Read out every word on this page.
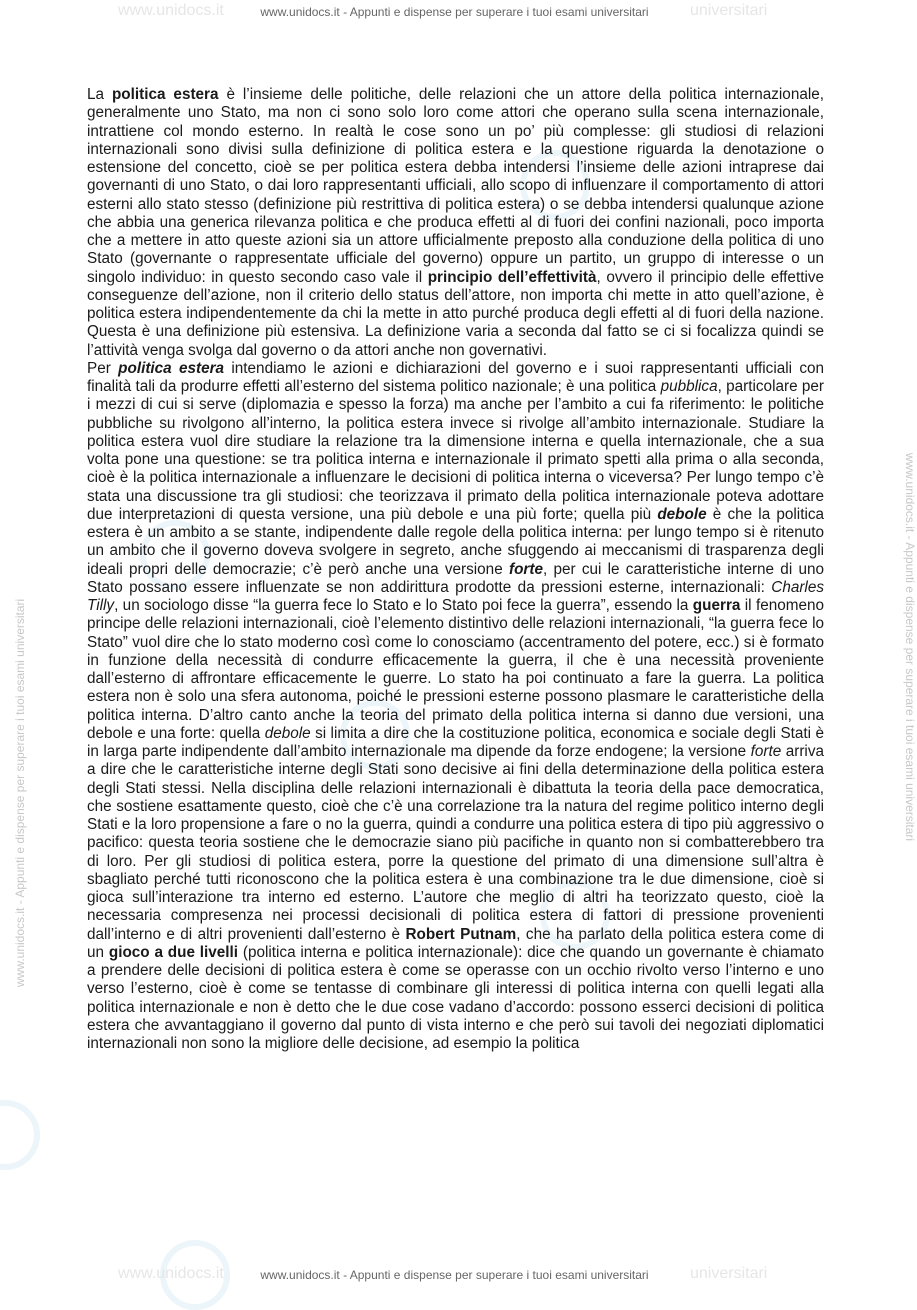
www.unidocs.it	universitari
www.unidocs.it - Appunti e dispense per superare i tuoi esami universitari
www.unidocs.it - Appunti e dispense per superare i tuoi esami universitari	www.unidocs.it - Appunti e dispense per superare i tuoi esami universitari

La politica estera è l’insieme delle politiche, delle relazioni che un attore della politica internazionale, generalmente uno Stato, ma non ci sono solo loro come attori che operano sulla scena internazionale, intrattiene col mondo esterno. In realtà le cose sono un po’ più complesse: gli studiosi di relazioni internazionali sono divisi sulla definizione di politica estera e la questione riguarda la denotazione o estensione del concetto, cioè se per politica estera debba intendersi l’insieme delle azioni intraprese dai governanti di uno Stato, o dai loro rappresentanti ufficiali, allo scopo di influenzare il comportamento di attori esterni allo stato stesso (definizione più restrittiva di politica estera) o se debba intendersi qualunque azione che abbia una generica rilevanza politica e che produca effetti al di fuori dei confini nazionali, poco importa che a mettere in atto queste azioni sia un attore ufficialmente preposto alla conduzione della politica di uno Stato (governante o rappresentate ufficiale del governo) oppure un partito, un gruppo di interesse o un singolo individuo: in questo secondo caso vale il principio dell’effettività, ovvero il principio delle effettive conseguenze dell’azione, non il criterio dello status dell’attore, non importa chi mette in atto quell’azione, è politica estera indipendentemente da chi la mette in atto purché produca degli effetti al di fuori della nazione. Questa è una definizione più estensiva. La definizione varia a seconda dal fatto se ci si focalizza quindi se l’attività venga svolga dal governo o da attori anche non governativi.

Per politica estera intendiamo le azioni e dichiarazioni del governo e i suoi rappresentanti ufficiali con finalità tali da produrre effetti all’esterno del sistema politico nazionale; è una politica pubblica, particolare per i mezzi di cui si serve (diplomazia e spesso la forza) ma anche per l’ambito a cui fa riferimento: le politiche pubbliche su rivolgono all’interno, la politica estera invece si rivolge all’ambito internazionale. Studiare la politica estera vuol dire studiare la relazione tra la dimensione interna e quella internazionale, che a sua volta pone una questione: se tra politica interna e internazionale il primato spetti alla prima o alla seconda, cioè è la politica internazionale a influenzare le decisioni di politica interna o viceversa? Per lungo tempo c’è stata una discussione tra gli studiosi: che teorizzava il primato della politica internazionale poteva adottare due interpretazioni di questa versione, una più debole e una più forte; quella più debole è che la politica estera è un ambito a se stante, indipendente dalle regole della politica interna: per lungo tempo si è ritenuto un ambito che il governo doveva svolgere in segreto, anche sfuggendo ai meccanismi di trasparenza degli ideali propri delle democrazie; c’è però anche una versione forte, per cui le caratteristiche interne di uno Stato possano essere influenzate se non addirittura prodotte da pressioni esterne, internazionali: Charles Tilly, un sociologo disse “la guerra fece lo Stato e lo Stato poi fece la guerra”, essendo la guerra il fenomeno principe delle relazioni internazionali, cioè l’elemento distintivo delle relazioni internazionali, “la guerra fece lo Stato” vuol dire che lo stato moderno così come lo conosciamo (accentramento del potere, ecc.) si è formato in funzione della necessità di condurre efficacemente la guerra, il che è una necessità proveniente dall’esterno di affrontare efficacemente le guerre. Lo stato ha poi continuato a fare la guerra. La politica estera non è solo una sfera autonoma, poiché le pressioni esterne possono plasmare le caratteristiche della politica interna. D’altro canto anche la teoria del primato della politica interna si danno due versioni, una debole e una forte: quella debole si limita a dire che la costituzione politica, economica e sociale degli Stati è in larga parte indipendente dall’ambito internazionale ma dipende da forze endogene; la versione forte arriva a dire che le caratteristiche interne degli Stati sono decisive ai fini della determinazione della politica estera degli Stati stessi. Nella disciplina delle relazioni internazionali è dibattuta la teoria della pace democratica, che sostiene esattamente questo, cioè che c’è una correlazione tra la natura del regime politico interno degli Stati e la loro propensione a fare o no la guerra, quindi a condurre una politica estera di tipo più aggressivo o pacifico: questa teoria sostiene che le democrazie siano più pacifiche in quanto non si combatterebbero tra di loro. Per gli studiosi di politica estera, porre la questione del primato di una dimensione sull’altra è sbagliato perché tutti riconoscono che la politica estera è una combinazione tra le due dimensione, cioè si gioca sull’interazione tra interno ed esterno. L’autore che meglio di altri ha teorizzato questo, cioè la necessaria compresenza nei processi decisionali di politica estera di fattori di pressione provenienti dall’interno e di altri provenienti dall’esterno è Robert Putnam, che ha parlato della politica estera come di un gioco a due livelli (politica interna e politica internazionale): dice che quando un governante è chiamato a prendere delle decisioni di politica estera è come se operasse con un occhio rivolto verso l’interno e uno verso l’esterno, cioè è come se tentasse di combinare gli interessi di politica interna con quelli legati alla politica internazionale e non è detto che le due cose vadano d’accordo: possono esserci decisioni di politica estera che avvantaggiano il governo dal punto di vista interno e che però sui tavoli dei negoziati diplomatici internazionali non sono la migliore delle decisione, ad esempio la politica

www.unidocs.it	universitari
www.unidocs.it - Appunti e dispense per superare i tuoi esami universitari
